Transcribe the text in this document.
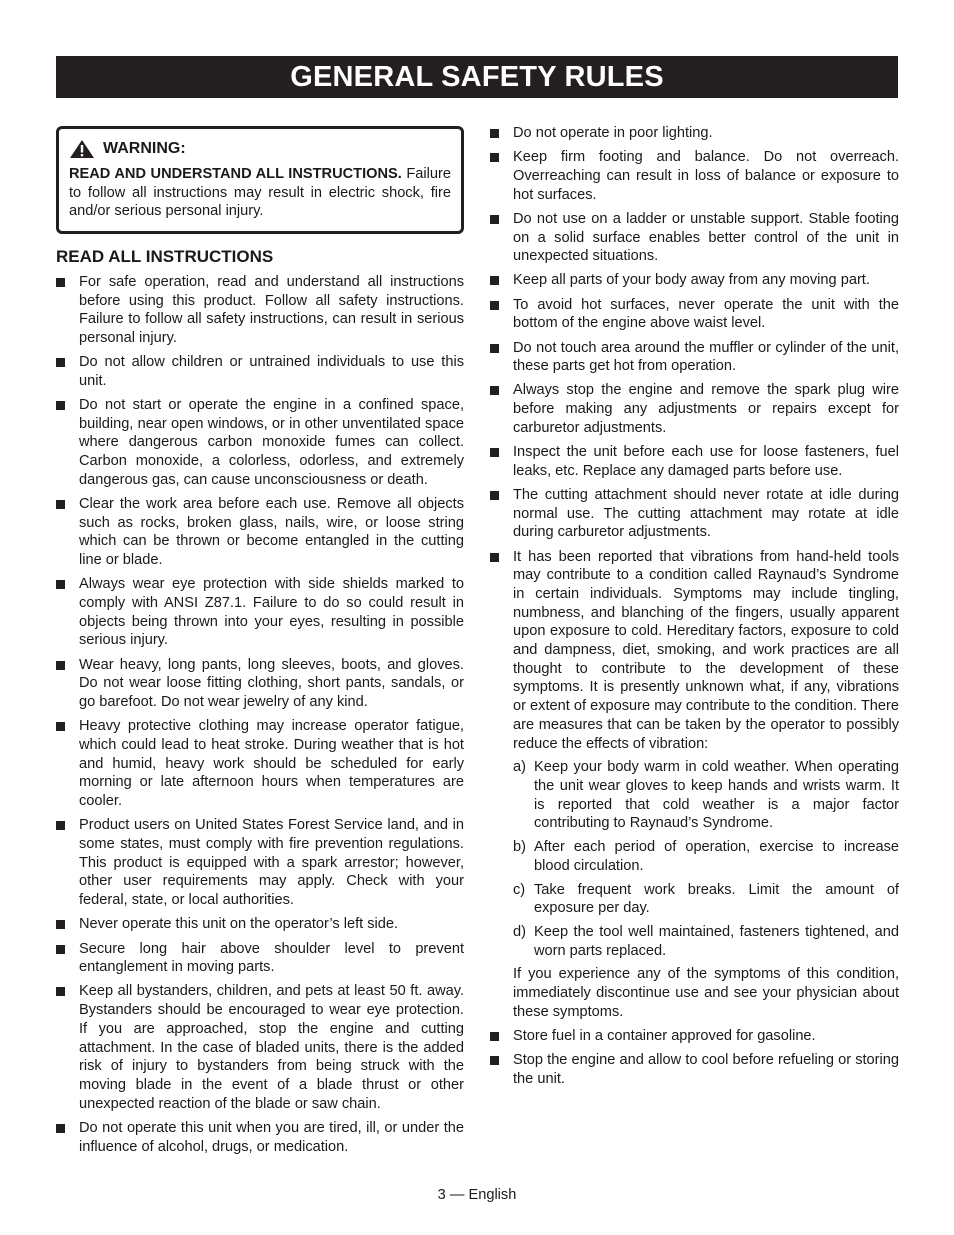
GENERAL SAFETY RULES
WARNING:
READ AND UNDERSTAND ALL INSTRUCTIONS. Failure to follow all instructions may result in electric shock, fire and/or serious personal injury.
READ ALL INSTRUCTIONS
For safe operation, read and understand all instructions before using this product. Follow all safety instructions. Failure to follow all safety instructions, can result in serious personal injury.
Do not allow children or untrained individuals to use this unit.
Do not start or operate the engine in a confined space, building, near open windows, or in other unventilated space where dangerous carbon monoxide fumes can collect. Carbon monoxide, a colorless, odorless, and extremely dangerous gas, can cause unconsciousness or death.
Clear the work area before each use. Remove all objects such as rocks, broken glass, nails, wire, or loose string which can be thrown or become entangled in the cutting line or blade.
Always wear eye protection with side shields marked to comply with ANSI Z87.1. Failure to do so could result in objects being thrown into your eyes, resulting in possible serious injury.
Wear heavy, long pants, long sleeves, boots, and gloves. Do not wear loose fitting clothing, short pants, sandals, or go barefoot. Do not wear jewelry of any kind.
Heavy protective clothing may increase operator fatigue, which could lead to heat stroke. During weather that is hot and humid, heavy work should be scheduled for early morning or late afternoon hours when temperatures are cooler.
Product users on United States Forest Service land, and in some states, must comply with fire prevention regulations. This product is equipped with a spark arrestor; however, other user requirements may apply. Check with your federal, state, or local authorities.
Never operate this unit on the operator’s left side.
Secure long hair above shoulder level to prevent entanglement in moving parts.
Keep all bystanders, children, and pets at least 50 ft. away. Bystanders should be encouraged to wear eye protection. If you are approached, stop the engine and cutting attachment. In the case of bladed units, there is the added risk of injury to bystanders from being struck with the moving blade in the event of a blade thrust or other unexpected reaction of the blade or saw chain.
Do not operate this unit when you are tired, ill, or under the influence of alcohol, drugs, or medication.
Do not operate in poor lighting.
Keep firm footing and balance. Do not overreach. Overreaching can result in loss of balance or exposure to hot surfaces.
Do not use on a ladder or unstable support. Stable footing on a solid surface enables better control of the unit in unexpected situations.
Keep all parts of your body away from any moving part.
To avoid hot surfaces, never operate the unit with the bottom of the engine above waist level.
Do not touch area around the muffler or cylinder of the unit, these parts get hot from operation.
Always stop the engine and remove the spark plug wire before making any adjustments or repairs except for carburetor adjustments.
Inspect the unit before each use for loose fasteners, fuel leaks, etc. Replace any damaged parts before use.
The cutting attachment should never rotate at idle during normal use. The cutting attachment may rotate at idle during carburetor adjustments.
It has been reported that vibrations from hand-held tools may contribute to a condition called Raynaud’s Syndrome in certain individuals. Symptoms may include tingling, numbness, and blanching of the fingers, usually apparent upon exposure to cold. Hereditary factors, exposure to cold and dampness, diet, smoking, and work practices are all thought to contribute to the development of these symptoms. It is presently unknown what, if any, vibrations or extent of exposure may contribute to the condition. There are measures that can be taken by the operator to possibly reduce the effects of vibration:
a) Keep your body warm in cold weather. When operating the unit wear gloves to keep hands and wrists warm. It is reported that cold weather is a major factor contributing to Raynaud’s Syndrome.
b) After each period of operation, exercise to increase blood circulation.
c) Take frequent work breaks. Limit the amount of exposure per day.
d) Keep the tool well maintained, fasteners tightened, and worn parts replaced.
If you experience any of the symptoms of this condition, immediately discontinue use and see your physician about these symptoms.
Store fuel in a container approved for gasoline.
Stop the engine and allow to cool before refueling or storing the unit.
3 — English
